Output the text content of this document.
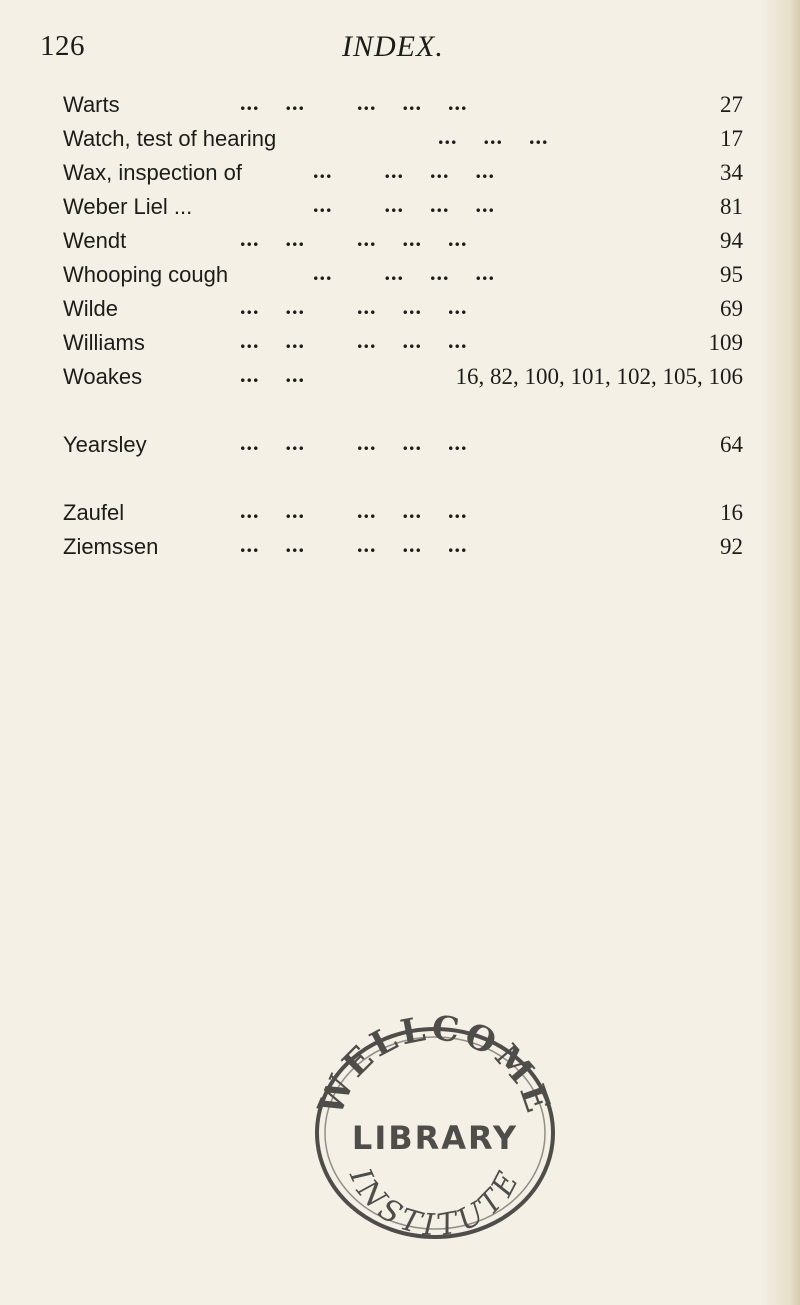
126	INDEX.
Warts	...    ...        ...    ...    ...	27
Watch, test of hearing	...    ...    ...	17
Wax, inspection of	...        ...    ...    ...	34
Weber Liel ...	...        ...    ...    ...	81
Wendt	...    ...        ...    ...    ...	94
Whooping cough	...        ...    ...    ...	95
Wilde	...    ...        ...    ...    ...	69
Williams	...    ...        ...    ...    ...	109
Woakes	...    ...	16, 82, 100, 101, 102, 105, 106
Yearsley	...    ...        ...    ...    ...	64
Zaufel	...    ...        ...    ...    ...	16
Ziemssen	...    ...        ...    ...    ...	92
WELLCOME
LIBRARY
INSTITUTE
